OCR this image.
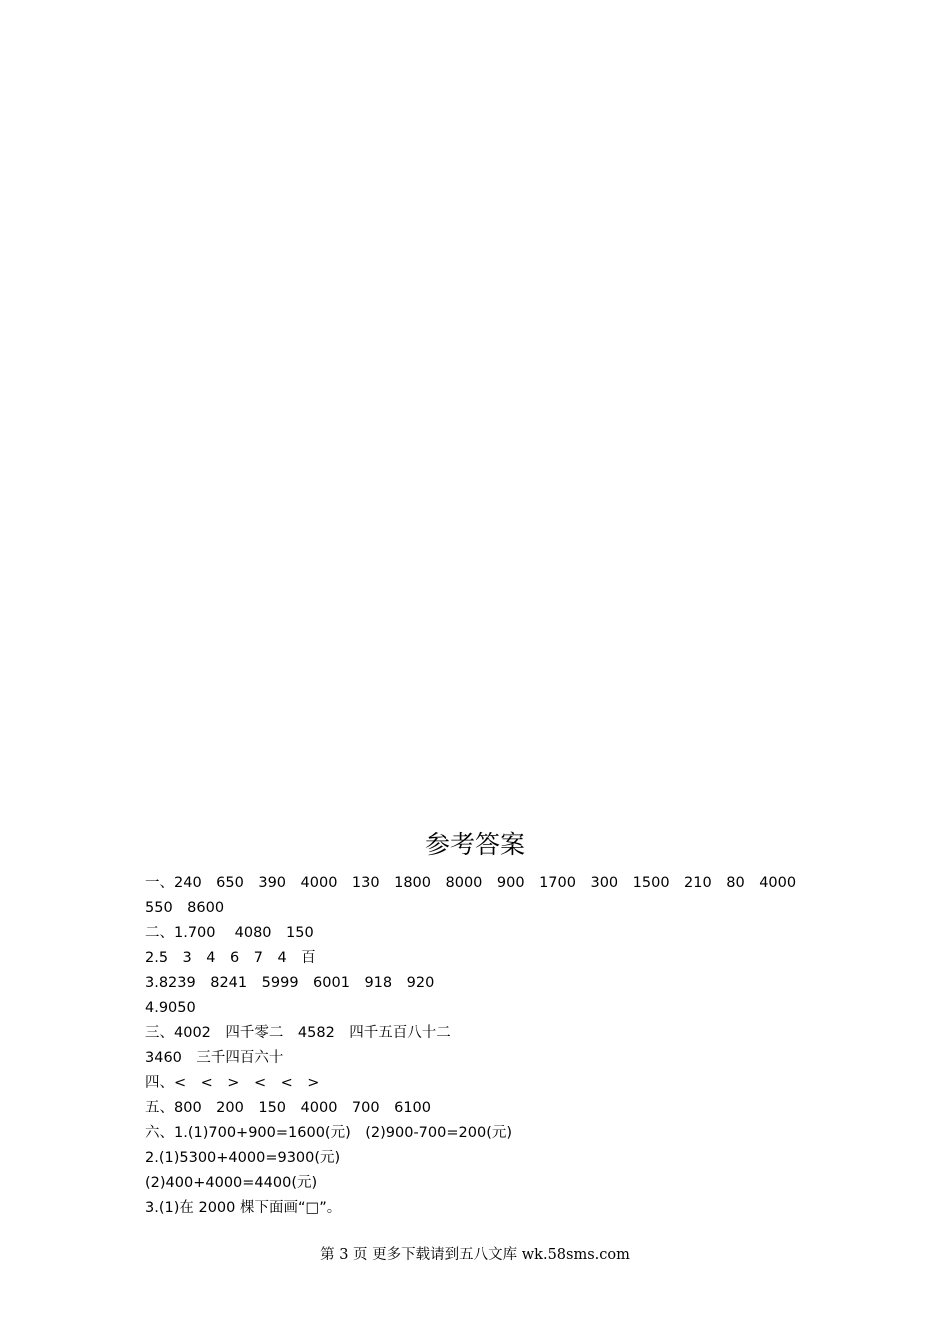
参考答案
一、240　650　390　4000　130　1800　8000　900　1700　300　1500　210　80　4000
550　8600
二、1.700　 4080　150
2.5　3　4　6　7　4　百
3.8239　8241　5999　6001　918　920
4.9050
三、4002　四千零二　4582　四千五百八十二
3460　三千四百六十
四、<　<　>　<　<　>
五、800　200　150　4000　700　6100
六、1.(1)700+900=1600(元)　(2)900-700=200(元)
2.(1)5300+4000=9300(元)
(2)400+4000=4400(元)
3.(1)在 2000 棵下面画“□”。
第 3 页 更多下载请到五八文库 wk.58sms.com
